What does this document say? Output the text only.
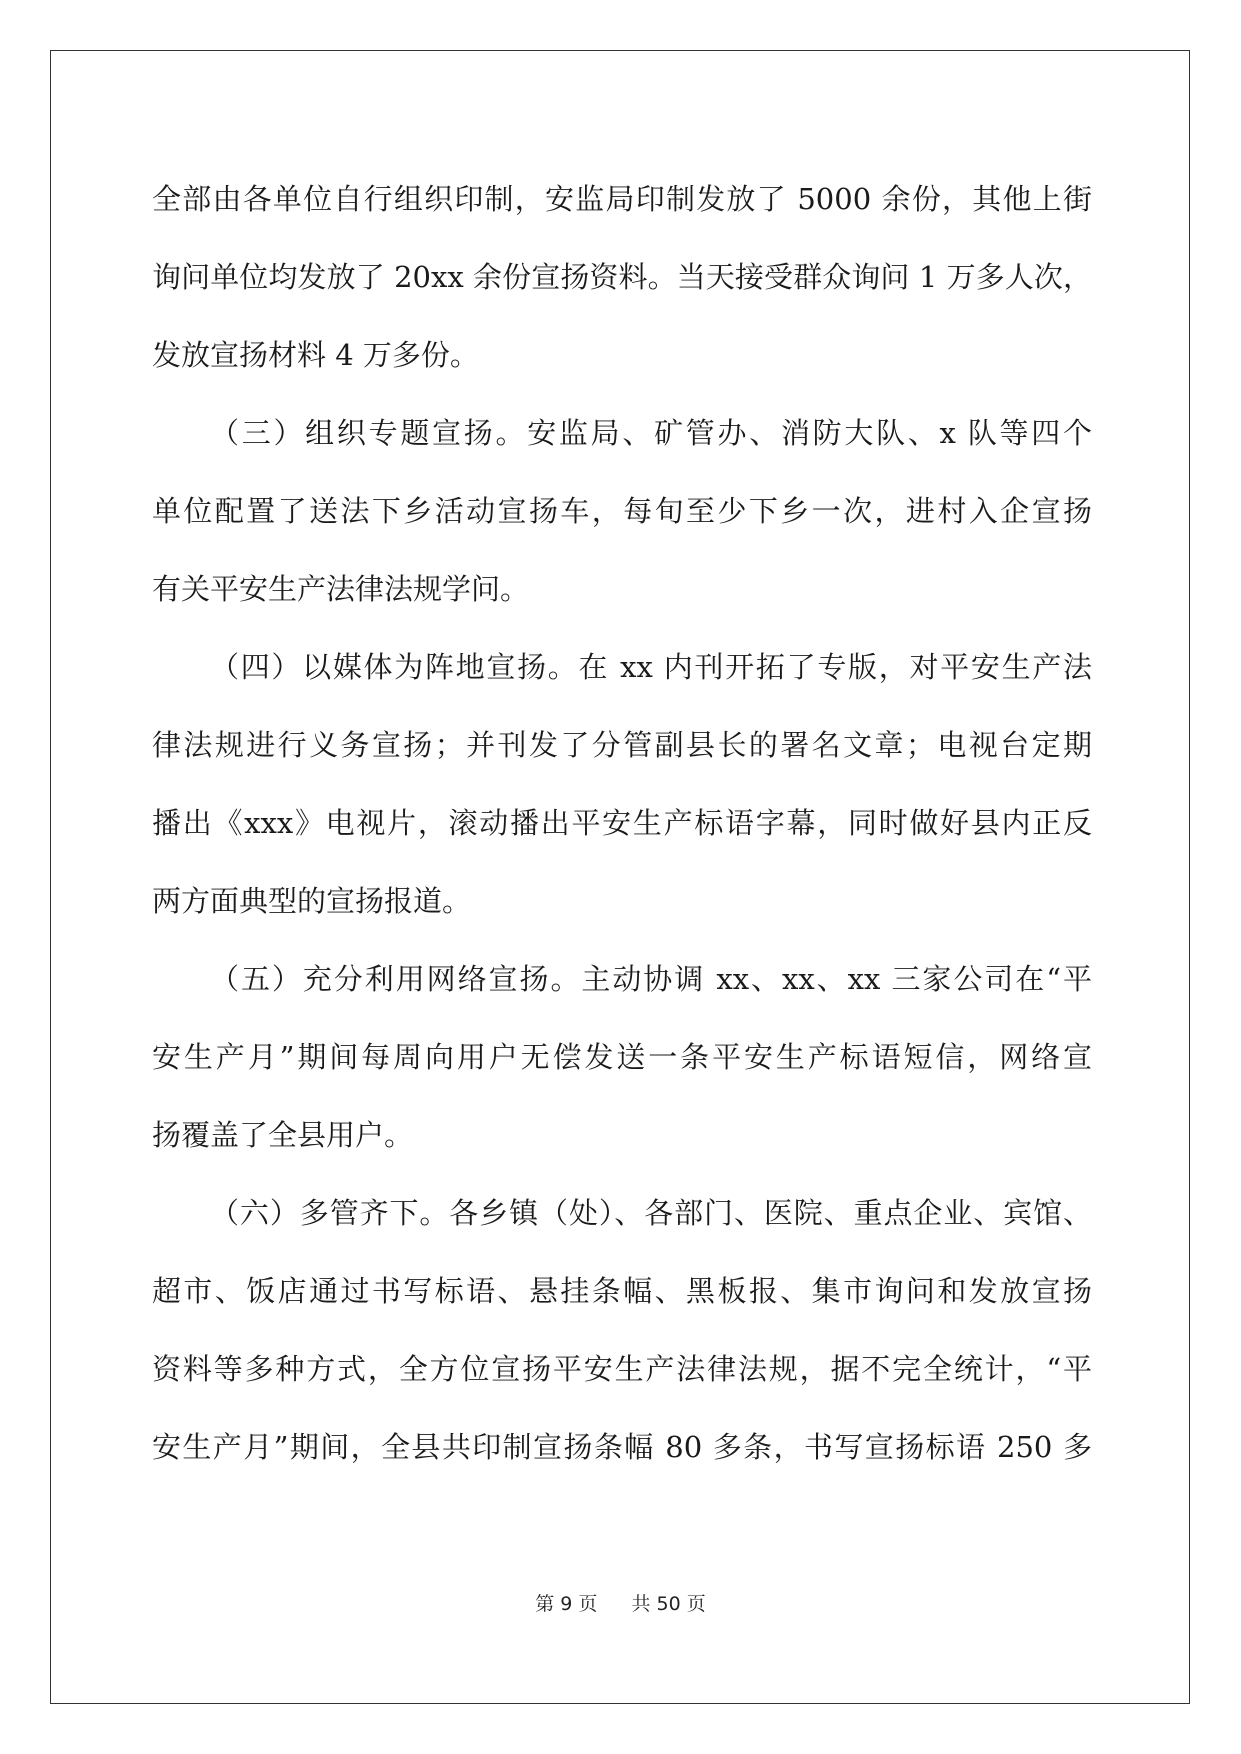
全部由各单位自行组织印制，安监局印制发放了 5000 余份，其他上街
询问单位均发放了 20xx 余份宣扬资料。当天接受群众询问 1 万多人次，
发放宣扬材料 4 万多份。
（三）组织专题宣扬。安监局、矿管办、消防大队、x 队等四个
单位配置了送法下乡活动宣扬车，每旬至少下乡一次，进村入企宣扬
有关平安生产法律法规学问。
（四）以媒体为阵地宣扬。在 xx 内刊开拓了专版，对平安生产法
律法规进行义务宣扬；并刊发了分管副县长的署名文章；电视台定期
播出《xxx》电视片，滚动播出平安生产标语字幕，同时做好县内正反
两方面典型的宣扬报道。
（五）充分利用网络宣扬。主动协调 xx、xx、xx 三家公司在“平
安生产月”期间每周向用户无偿发送一条平安生产标语短信，网络宣
扬覆盖了全县用户。
（六）多管齐下。各乡镇（处）、各部门、医院、重点企业、宾馆、
超市、饭店通过书写标语、悬挂条幅、黑板报、集市询问和发放宣扬
资料等多种方式，全方位宣扬平安生产法律法规，据不完全统计，“平
安生产月”期间，全县共印制宣扬条幅 80 多条，书写宣扬标语 250 多
第 9 页 共 50 页
